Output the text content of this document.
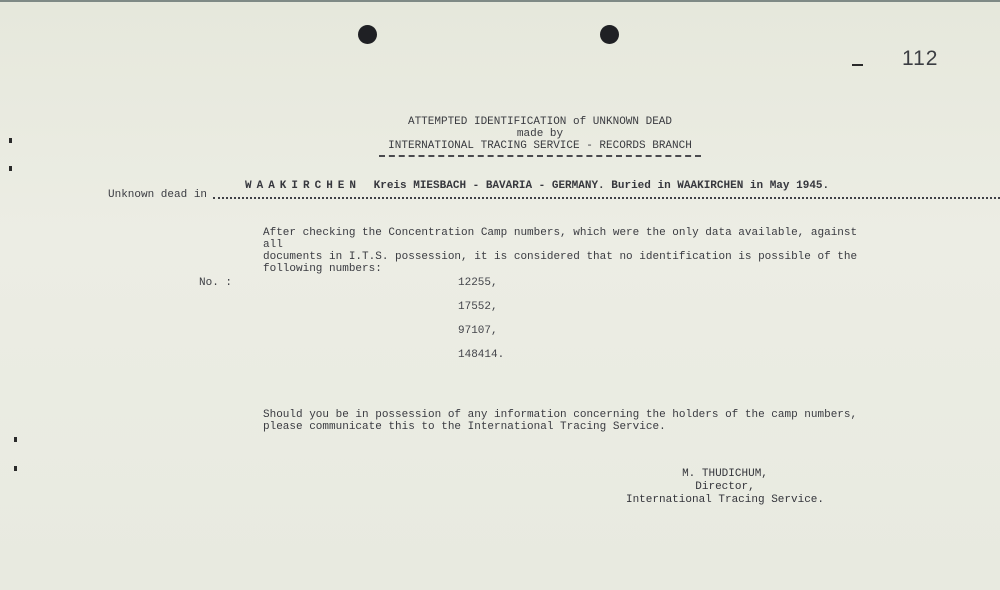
112
ATTEMPTED IDENTIFICATION of UNKNOWN DEAD
made by
INTERNATIONAL TRACING SERVICE - RECORDS BRANCH
Unknown dead in
WAAKIRCHEN Kreis MIESBACH - BAVARIA - GERMANY. Buried in WAAKIRCHEN in May 1945.
After checking the Concentration Camp numbers, which were the only data available, against all
documents in I.T.S. possession, it is considered that no identification is possible of the
following numbers:
No. :	12255,
17552,
97107,
148414.
Should you be in possession of any information concerning the holders of the camp numbers,
please communicate this to the International Tracing Service.
M. THUDICHUM,
Director,
International Tracing Service.
